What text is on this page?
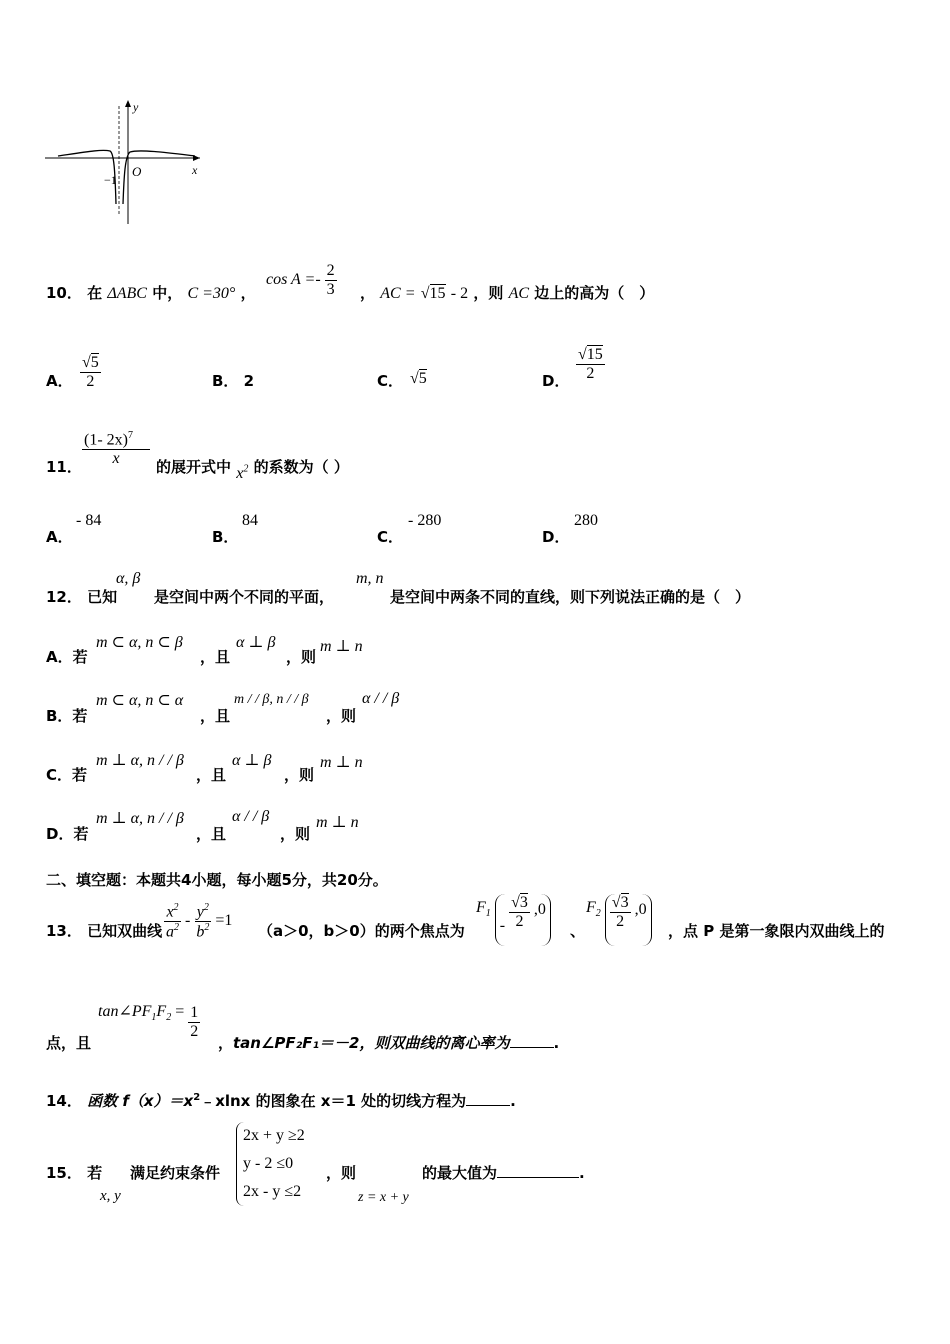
y
x
O
−1
10． 在 ΔABC 中， C =30° ，
$\cos A =- \frac{2}{3}$ ， AC = √15 - 2 ，则 AC 边上的高为（　）
A． $\frac{√5}{2}$	B． 2	C． √5	D． $\frac{√15}{2}$
11． $\frac{(1- 2x)^7}{x}$ 的展开式中 $x^2$ 的系数为（ ）
A．
- 84
B．
84
C．
- 280
D．
280
12． 已知
α, β
是空间中两个不同的平面，
m, n
是空间中两条不同的直线，则下列说法正确的是（　）
A．若
m ⊂ α, n ⊂ β
，且
α ⊥ β
，则
m ⊥ n
B．若
m ⊂ α, n ⊂ α
，且
m / / β, n / / β
，则
α / / β
C．若
m ⊥ α, n / / β
，且
α ⊥ β
，则
m ⊥ n
D．若
m ⊥ α, n / / β
，且
α / / β
，则
m ⊥ n
二、填空题：本题共4小题，每小题5分，共20分。
13． 已知双曲线 $\frac{x^2}{a^2} - \frac{y^2}{b^2} =1$
（a＞0，b＞0）的两个焦点为
$F_1 - \frac{√3}{2} ,0$
、
$F_2 \frac{√3}{2} ,0$
，点 P 是第一象限内双曲线上的
点，且
$\tan\angle PF_1F_2 = \frac{1}{2}$
，tan∠PF₂F₁＝－2，则双曲线的离心率为	.
14． 函数 $f(x)=x^2﹣xlnx$ 的图象在 x＝1 处的切线方程为	.
15． 若
x, y
满足约束条件
2x + y ≥2
y - 2 ≤0
2x - y ≤2
，则
z = x + y
的最大值为	.
